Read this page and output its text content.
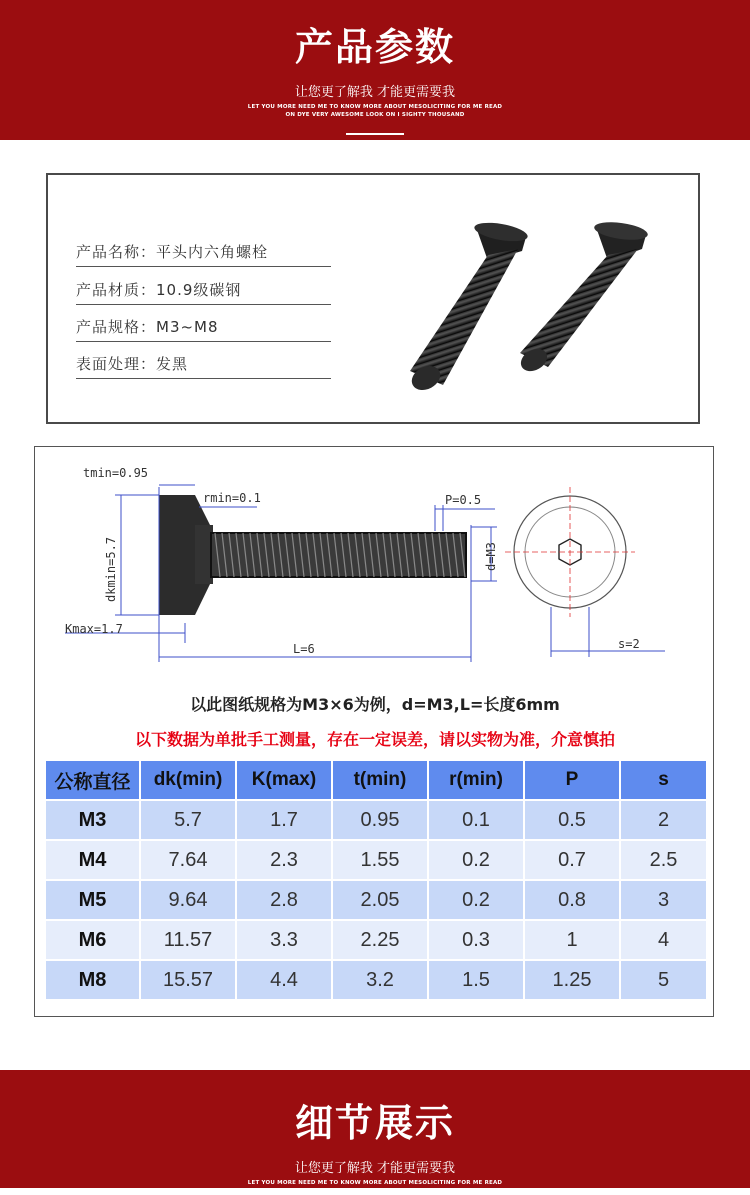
产品参数
让您更了解我 才能更需要我
LET YOU MORE NEED ME TO KNOW MORE ABOUT MESOLICITING FOR ME READ
ON DYE VERY AWESOME LOOK ON I SIGHTY THOUSAND
产品名称：平头内六角螺栓
产品材质：10.9级碳钢
产品规格：M3~M8
表面处理：发黑
tmin=0.95
rmin=0.1	P=0.5
dkmin=5.7
Kmax=1.7
L=6
d=M3
s=2
以此图纸规格为M3×6为例，d=M3,L=长度6mm
以下数据为单批手工测量，存在一定误差，请以实物为准，介意慎拍
公称直径	dk(min)	K(max)	t(min)	r(min)	P	s
M3	5.7	1.7	0.95	0.1	0.5	2
M4	7.64	2.3	1.55	0.2	0.7	2.5
M5	9.64	2.8	2.05	0.2	0.8	3
M6	11.57	3.3	2.25	0.3	1	4
M8	15.57	4.4	3.2	1.5	1.25	5
细节展示
让您更了解我 才能更需要我
LET YOU MORE NEED ME TO KNOW MORE ABOUT MESOLICITING FOR ME READ
ON DYE VERY AWESOME LOOK ON I SIGHTY THOUSAND
